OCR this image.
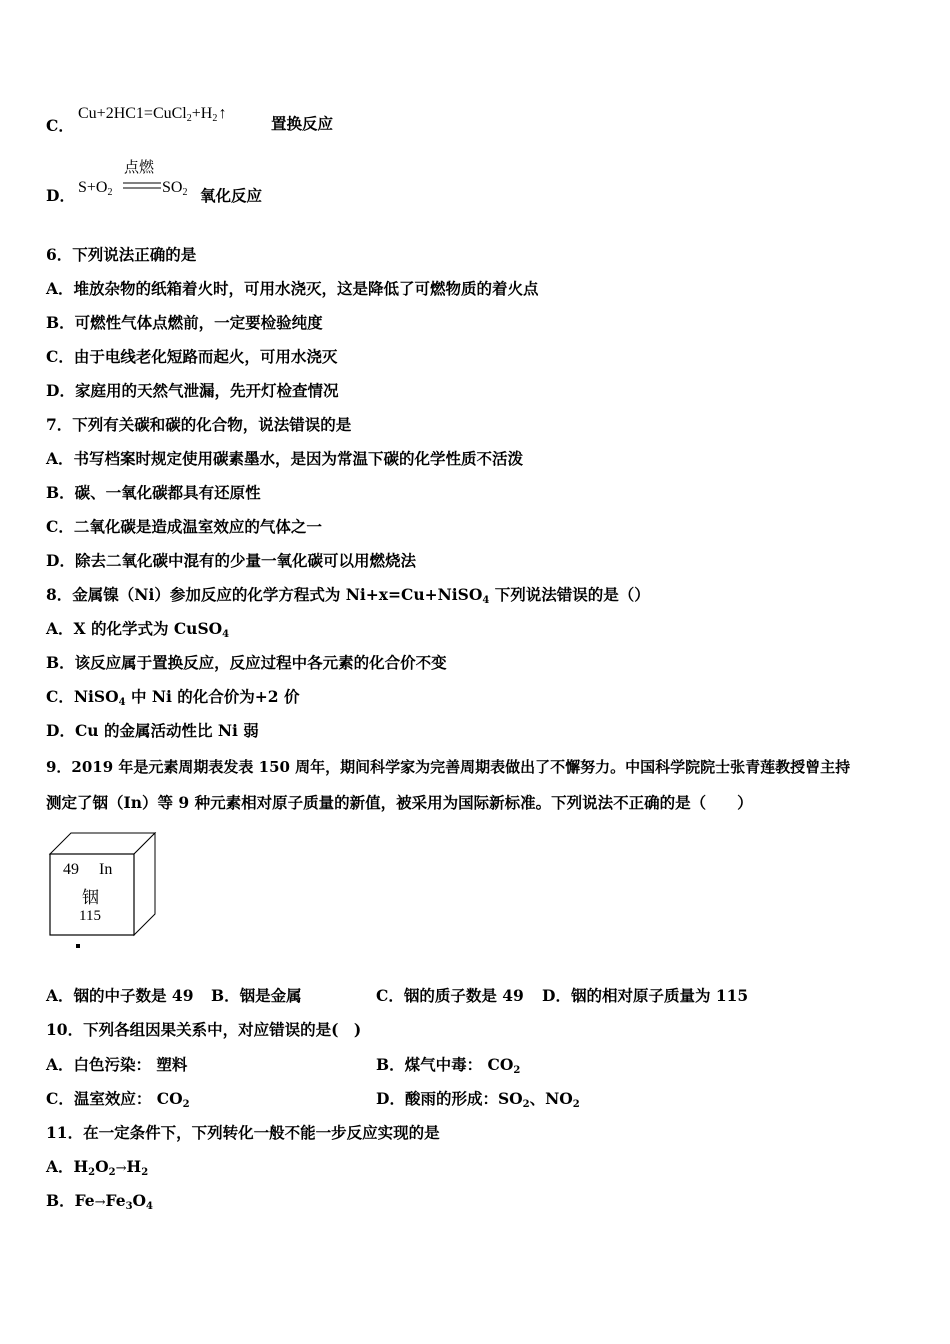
C．
$Cu+2HC1=CuCl_2+H_2$ ↑
置换反应
D． $S+O_2$
点燃
$SO_2$ 氧化反应
6．下列说法正确的是
A．堆放杂物的纸箱着火时，可用水浇灭，这是降低了可燃物质的着火点
B．可燃性气体点燃前，一定要检验纯度
C．由于电线老化短路而起火，可用水浇灭
D．家庭用的天然气泄漏，先开灯检查情况
7．下列有关碳和碳的化合物，说法错误的是
A．书写档案时规定使用碳素墨水，是因为常温下碳的化学性质不活泼
B．碳、一氧化碳都具有还原性
C．二氧化碳是造成温室效应的气体之一
D．除去二氧化碳中混有的少量一氧化碳可以用燃烧法
8．金属镍（Ni）参加反应的化学方程式为 Ni+x=Cu+NiSO$_4$ 下列说法错误的是（）
A．X 的化学式为 CuSO$_4$
B．该反应属于置换反应，反应过程中各元素的化合价不变
C．NiSO$_4$ 中 Ni 的化合价为+2 价
D．Cu 的金属活动性比 Ni 弱
9．2019 年是元素周期表发表 150 周年，期间科学家为完善周期表做出了不懈努力。中国科学院院士张青莲教授曾主持
测定了铟（In）等 9 种元素相对原子质量的新值，被采用为国际新标准。下列说法不正确的是（　　）
49 In
铟
115
A．铟的中子数是 49 B．铟是金属	C．铟的质子数是 49 D．铟的相对原子质量为 115
10．下列各组因果关系中，对应错误的是(　)
A．白色污染： 塑料	B．煤气中毒： $CO_2$
C．温室效应： $CO_2$	D．酸雨的形成：$SO_2$、$NO_2$
11．在一定条件下，下列转化一般不能一步反应实现的是
A．$H_2O_2\to H_2$
B．$Fe\to Fe_3O_4$
